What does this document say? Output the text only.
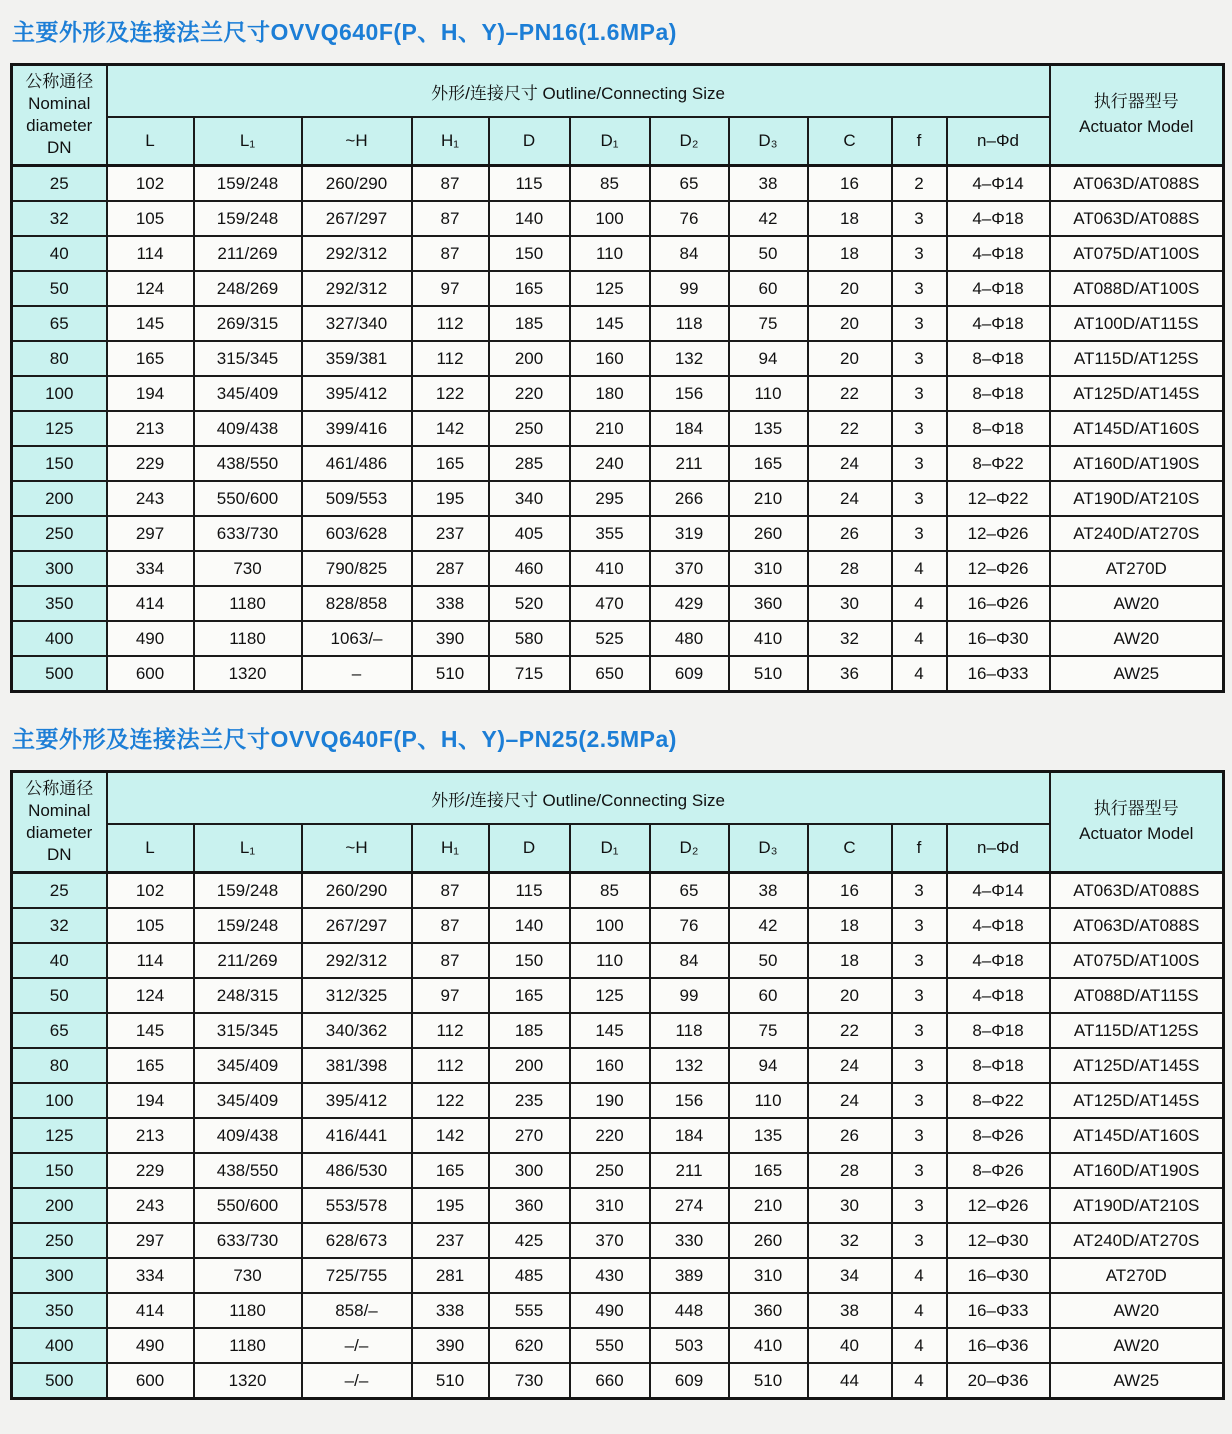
主要外形及连接法兰尺寸OVVQ640F(P、H、Y)–PN16(1.6MPa)
公称通径
Nominal
diameter
DN
	外形/连接尺寸 Outline/Connecting Size	执行器型号
Actuator Model

	L	L₁	~H	H₁	D	D₁	D₂	D₃	C	f	n–Φd	
25	102	159/248	260/290	87	115	85	65	38	16	2	4–Φ14	AT063D/AT088S
32	105	159/248	267/297	87	140	100	76	42	18	3	4–Φ18	AT063D/AT088S
40	114	211/269	292/312	87	150	110	84	50	18	3	4–Φ18	AT075D/AT100S
50	124	248/269	292/312	97	165	125	99	60	20	3	4–Φ18	AT088D/AT100S
65	145	269/315	327/340	112	185	145	118	75	20	3	4–Φ18	AT100D/AT115S
80	165	315/345	359/381	112	200	160	132	94	20	3	8–Φ18	AT115D/AT125S
100	194	345/409	395/412	122	220	180	156	110	22	3	8–Φ18	AT125D/AT145S
125	213	409/438	399/416	142	250	210	184	135	22	3	8–Φ18	AT145D/AT160S
150	229	438/550	461/486	165	285	240	211	165	24	3	8–Φ22	AT160D/AT190S
200	243	550/600	509/553	195	340	295	266	210	24	3	12–Φ22	AT190D/AT210S
250	297	633/730	603/628	237	405	355	319	260	26	3	12–Φ26	AT240D/AT270S
300	334	730	790/825	287	460	410	370	310	28	4	12–Φ26	AT270D
350	414	1180	828/858	338	520	470	429	360	30	4	16–Φ26	AW20
400	490	1180	1063/–	390	580	525	480	410	32	4	16–Φ30	AW20
500	600	1320	–	510	715	650	609	510	36	4	16–Φ33	AW25
主要外形及连接法兰尺寸OVVQ640F(P、H、Y)–PN25(2.5MPa)
公称通径
Nominal
diameter
DN
	外形/连接尺寸 Outline/Connecting Size	执行器型号
Actuator Model

	L	L₁	~H	H₁	D	D₁	D₂	D₃	C	f	n–Φd	
25	102	159/248	260/290	87	115	85	65	38	16	3	4–Φ14	AT063D/AT088S
32	105	159/248	267/297	87	140	100	76	42	18	3	4–Φ18	AT063D/AT088S
40	114	211/269	292/312	87	150	110	84	50	18	3	4–Φ18	AT075D/AT100S
50	124	248/315	312/325	97	165	125	99	60	20	3	4–Φ18	AT088D/AT115S
65	145	315/345	340/362	112	185	145	118	75	22	3	8–Φ18	AT115D/AT125S
80	165	345/409	381/398	112	200	160	132	94	24	3	8–Φ18	AT125D/AT145S
100	194	345/409	395/412	122	235	190	156	110	24	3	8–Φ22	AT125D/AT145S
125	213	409/438	416/441	142	270	220	184	135	26	3	8–Φ26	AT145D/AT160S
150	229	438/550	486/530	165	300	250	211	165	28	3	8–Φ26	AT160D/AT190S
200	243	550/600	553/578	195	360	310	274	210	30	3	12–Φ26	AT190D/AT210S
250	297	633/730	628/673	237	425	370	330	260	32	3	12–Φ30	AT240D/AT270S
300	334	730	725/755	281	485	430	389	310	34	4	16–Φ30	AT270D
350	414	1180	858/–	338	555	490	448	360	38	4	16–Φ33	AW20
400	490	1180	–/–	390	620	550	503	410	40	4	16–Φ36	AW20
500	600	1320	–/–	510	730	660	609	510	44	4	20–Φ36	AW25
